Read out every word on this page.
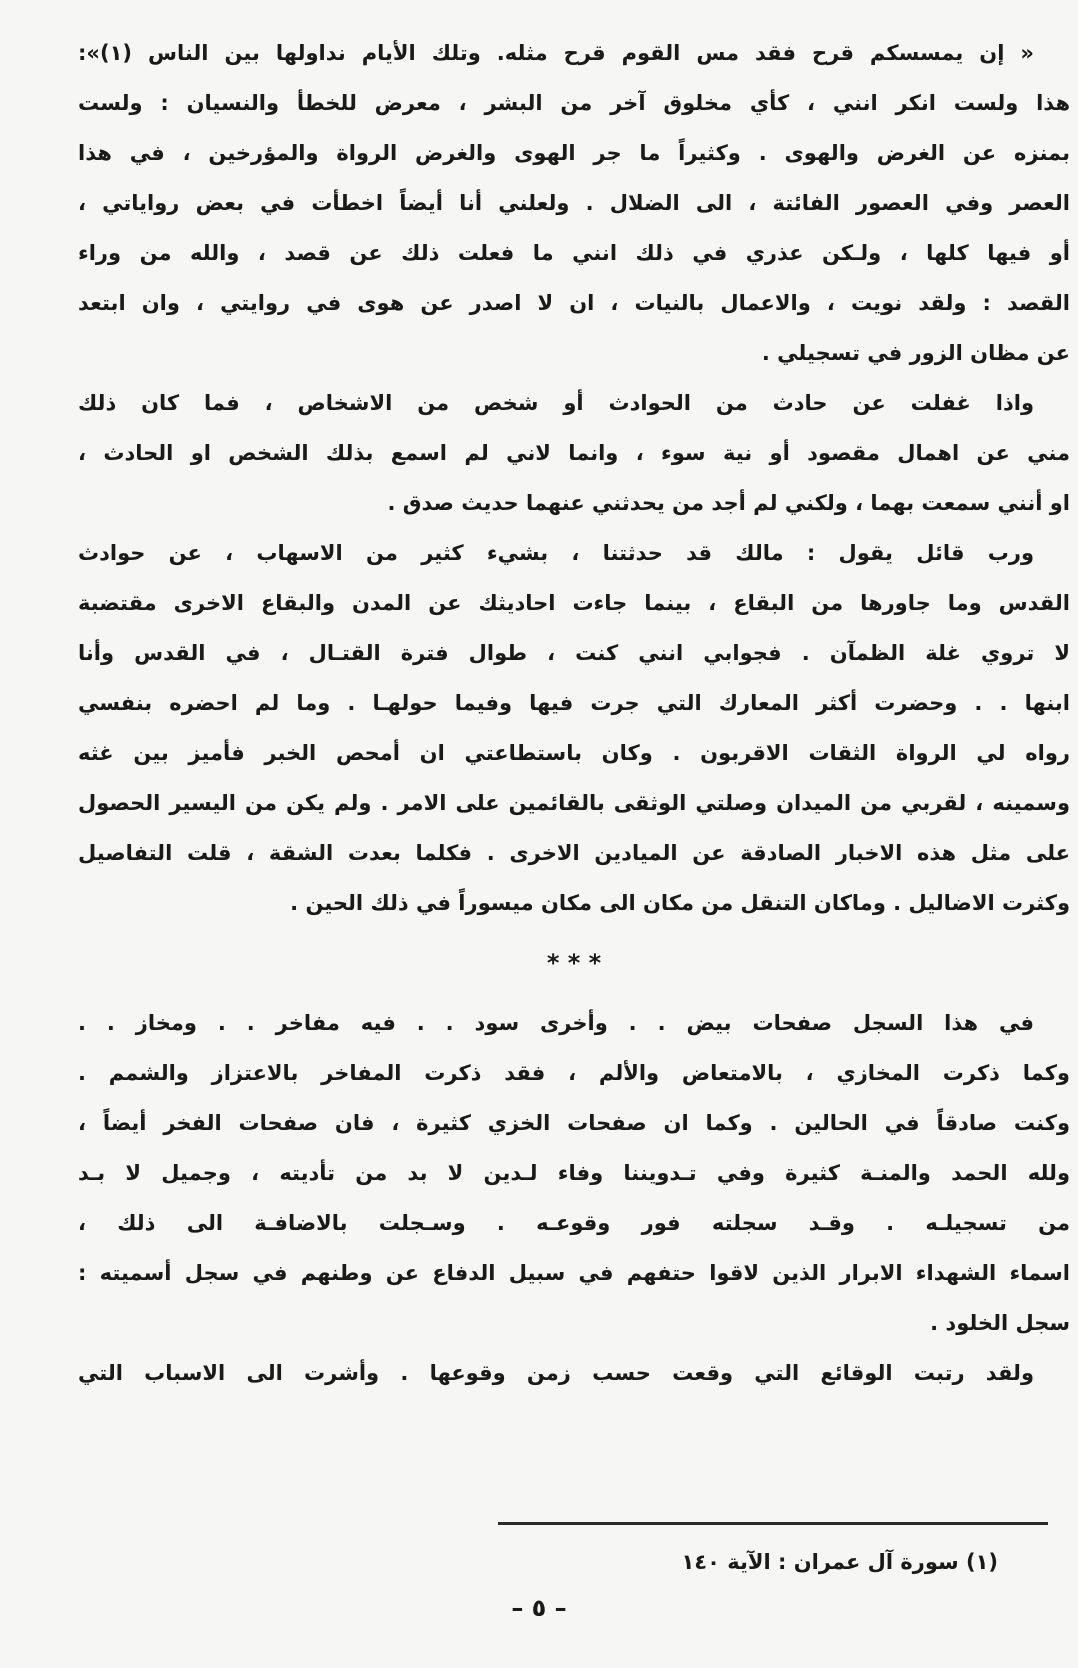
« إن يمسسكم قرح فقد مس القوم قرح مثله. وتلك الأيام نداولها بين الناس (١)»:
هذا ولست انكر انني ، كأي مخلوق آخر من البشر ، معرض للخطأ والنسيان : ولست
بمنزه عن الغرض والهوى . وكثيراً ما جر الهوى والغرض الرواة والمؤرخين ، في هذا
العصر وفي العصور الفائتة ، الى الضلال . ولعلني أنا أيضاً اخطأت في بعض رواياتي ،
أو فيها كلها ، ولـكن عذري في ذلك انني ما فعلت ذلك عن قصد ، والله من وراء
القصد : ولقد نويت ، والاعمال بالنيات ، ان لا اصدر عن هوى في روايتي ، وان ابتعد
عن مظان الزور في تسجيلي .
واذا غفلت عن حادث من الحوادث أو شخص من الاشخاص ، فما كان ذلك
مني عن اهمال مقصود أو نية سوء ، وانما لاني لم اسمع بذلك الشخص او الحادث ،
او أنني سمعت بهما ، ولكني لم أجد من يحدثني عنهما حديث صدق .
ورب قائل يقول : مالك قد حدثتنا ، بشيء كثير من الاسهاب ، عن حوادث
القدس وما جاورها من البقاع ، بينما جاءت احاديثك عن المدن والبقاع الاخرى مقتضبة
لا تروي غلة الظمآن . فجوابي انني كنت ، طوال فترة القتـال ، في القدس وأنا
ابنها . . وحضرت أكثر المعارك التي جرت فيها وفيما حولهـا . وما لم احضره بنفسي
رواه لي الرواة الثقات الاقربون . وكان باستطاعتي ان أمحص الخبر فأميز بين غثه
وسمينه ، لقربي من الميدان وصلتي الوثقى بالقائمين على الامر . ولم يكن من اليسير الحصول
على مثل هذه الاخبار الصادقة عن الميادين الاخرى . فكلما بعدت الشقة ، قلت التفاصيل
وكثرت الاضاليل . وماكان التنقل من مكان الى مكان ميسوراً في ذلك الحين .
* * *
في هذا السجل صفحات بيض . . وأخرى سود . . فيه مفاخر . . ومخاز . .
وكما ذكرت المخازي ، بالامتعاض والألم ، فقد ذكرت المفاخر بالاعتزاز والشمم .
وكنت صادقاً في الحالين . وكما ان صفحات الخزي كثيرة ، فان صفحات الفخر أيضاً ،
ولله الحمد والمنـة كثيرة وفي تـدويننا وفاء لـدين لا بد من تأديته ، وجميل لا بـد
من تسجيلـه . وقـد سجلته فور وقوعـه . وسـجلت بالاضافـة الى ذلك ،
اسماء الشهداء الابرار الذين لاقوا حتفهم في سبيل الدفاع عن وطنهم في سجل أسميته :
سجل الخلود .
ولقد رتبت الوقائع التي وقعت حسب زمن وقوعها . وأشرت الى الاسباب التي
(١) سورة آل عمران : الآية ١٤٠
– ٥ –
